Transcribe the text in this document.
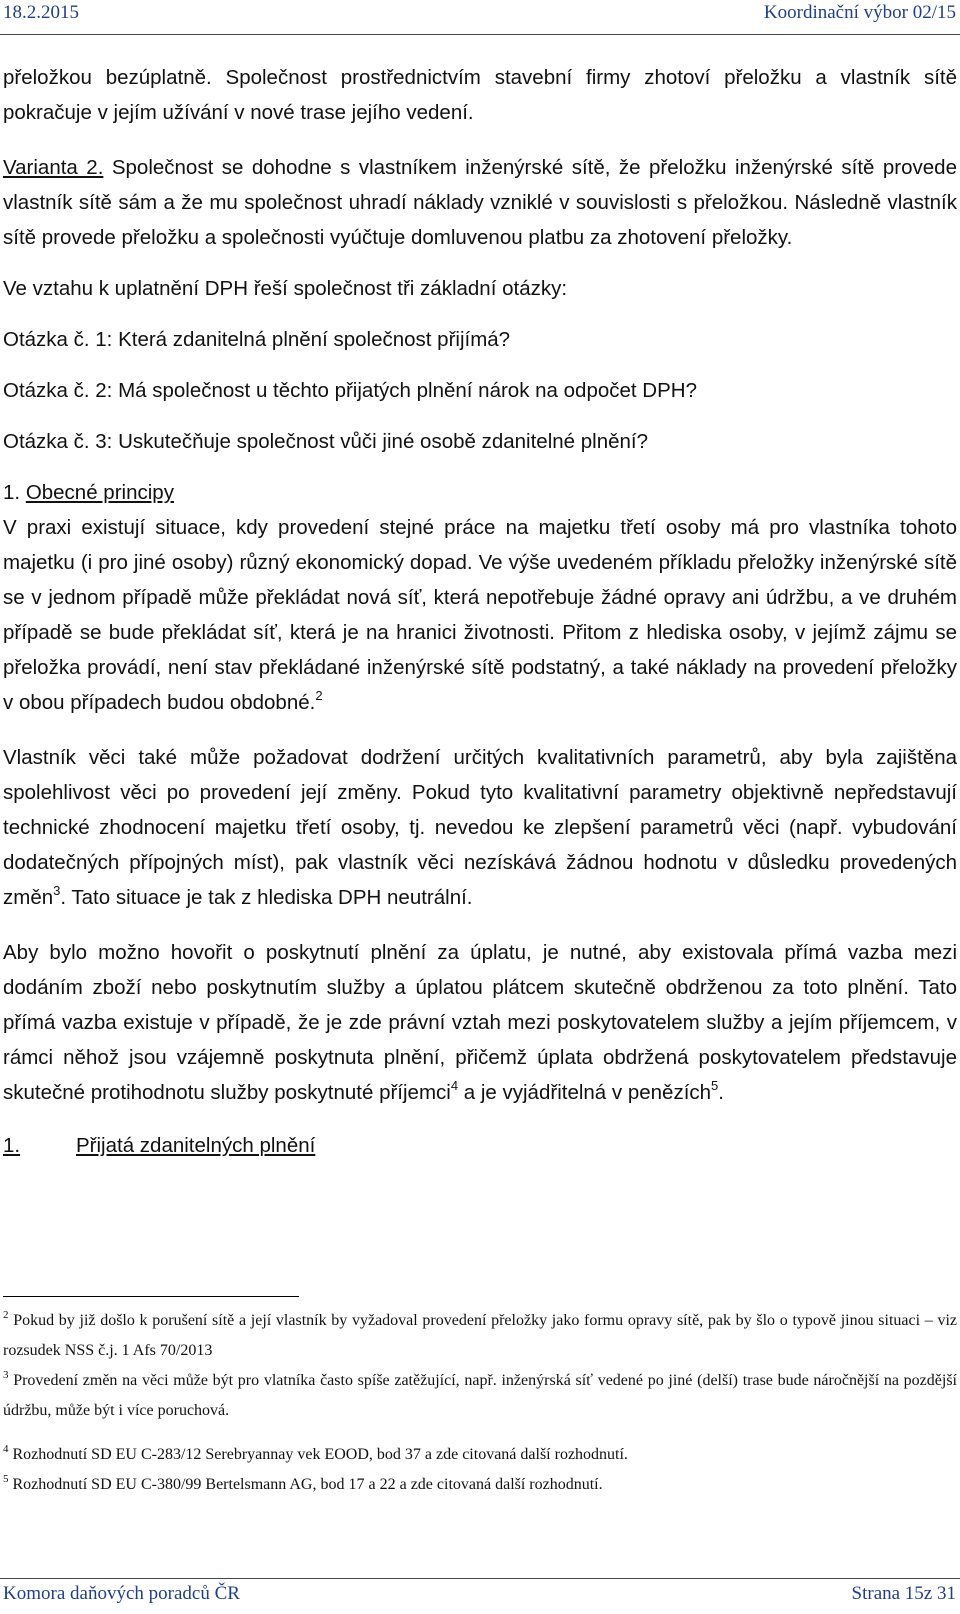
18.2.2015	Koordinační výbor 02/15

přeložkou bezúplatně. Společnost prostřednictvím stavební firmy zhotoví přeložku a vlastník sítě pokračuje v jejím užívání v nové trase jejího vedení.

Varianta 2. Společnost se dohodne s vlastníkem inženýrské sítě, že přeložku inženýrské sítě provede vlastník sítě sám a že mu společnost uhradí náklady vzniklé v souvislosti s přeložkou. Následně vlastník sítě provede přeložku a společnosti vyúčtuje domluvenou platbu za zhotovení přeložky.

Ve vztahu k uplatnění DPH řeší společnost tři základní otázky:

Otázka č. 1: Která zdanitelná plnění společnost přijímá?

Otázka č. 2: Má společnost u těchto přijatých plnění nárok na odpočet DPH?

Otázka č. 3: Uskutečňuje společnost vůči jiné osobě zdanitelné plnění?

1. Obecné principy

V praxi existují situace, kdy provedení stejné práce na majetku třetí osoby má pro vlastníka tohoto majetku (i pro jiné osoby) různý ekonomický dopad. Ve výše uvedeném příkladu přeložky inženýrské sítě se v jednom případě může překládat nová síť, která nepotřebuje žádné opravy ani údržbu, a ve druhém případě se bude překládat síť, která je na hranici životnosti. Přitom z hlediska osoby, v jejímž zájmu se přeložka provádí, není stav překládané inženýrské sítě podstatný, a také náklady na provedení přeložky v obou případech budou obdobné.$^2$

Vlastník věci také může požadovat dodržení určitých kvalitativních parametrů, aby byla zajištěna spolehlivost věci po provedení její změny. Pokud tyto kvalitativní parametry objektivně nepředstavují technické zhodnocení majetku třetí osoby, tj. nevedou ke zlepšení parametrů věci (např. vybudování dodatečných přípojných míst), pak vlastník věci nezískává žádnou hodnotu v důsledku provedených změn$^3$. Tato situace je tak z hlediska DPH neutrální.

Aby bylo možno hovořit o poskytnutí plnění za úplatu, je nutné, aby existovala přímá vazba mezi dodáním zboží nebo poskytnutím služby a úplatou plátcem skutečně obdrženou za toto plnění. Tato přímá vazba existuje v případě, že je zde právní vztah mezi poskytovatelem služby a jejím příjemcem, v rámci něhož jsou vzájemně poskytnuta plnění, přičemž úplata obdržená poskytovatelem představuje skutečné protihodnotu služby poskytnuté příjemci$^4$ a je vyjádřitelná v penězích$^5$.

1.	Přijatá zdanitelných plnění

$^2$ Pokud by již došlo k porušení sítě a její vlastník by vyžadoval provedení přeložky jako formu opravy sítě, pak by šlo o typově jinou situaci – viz rozsudek NSS č.j. 1 Afs 70/2013

$^3$ Provedení změn na věci může být pro vlatníka často spíše zatěžující, např. inženýrská síť vedené po jiné (delší) trase bude náročnější na pozdější údržbu, může být i více poruchová.

$^4$ Rozhodnutí SD EU C-283/12 Serebryannay vek EOOD, bod 37 a zde citovaná další rozhodnutí.

$^5$ Rozhodnutí SD EU C-380/99 Bertelsmann AG, bod 17 a 22 a zde citovaná další rozhodnutí.

Komora daňových poradců ČR	Strana 15z 31
